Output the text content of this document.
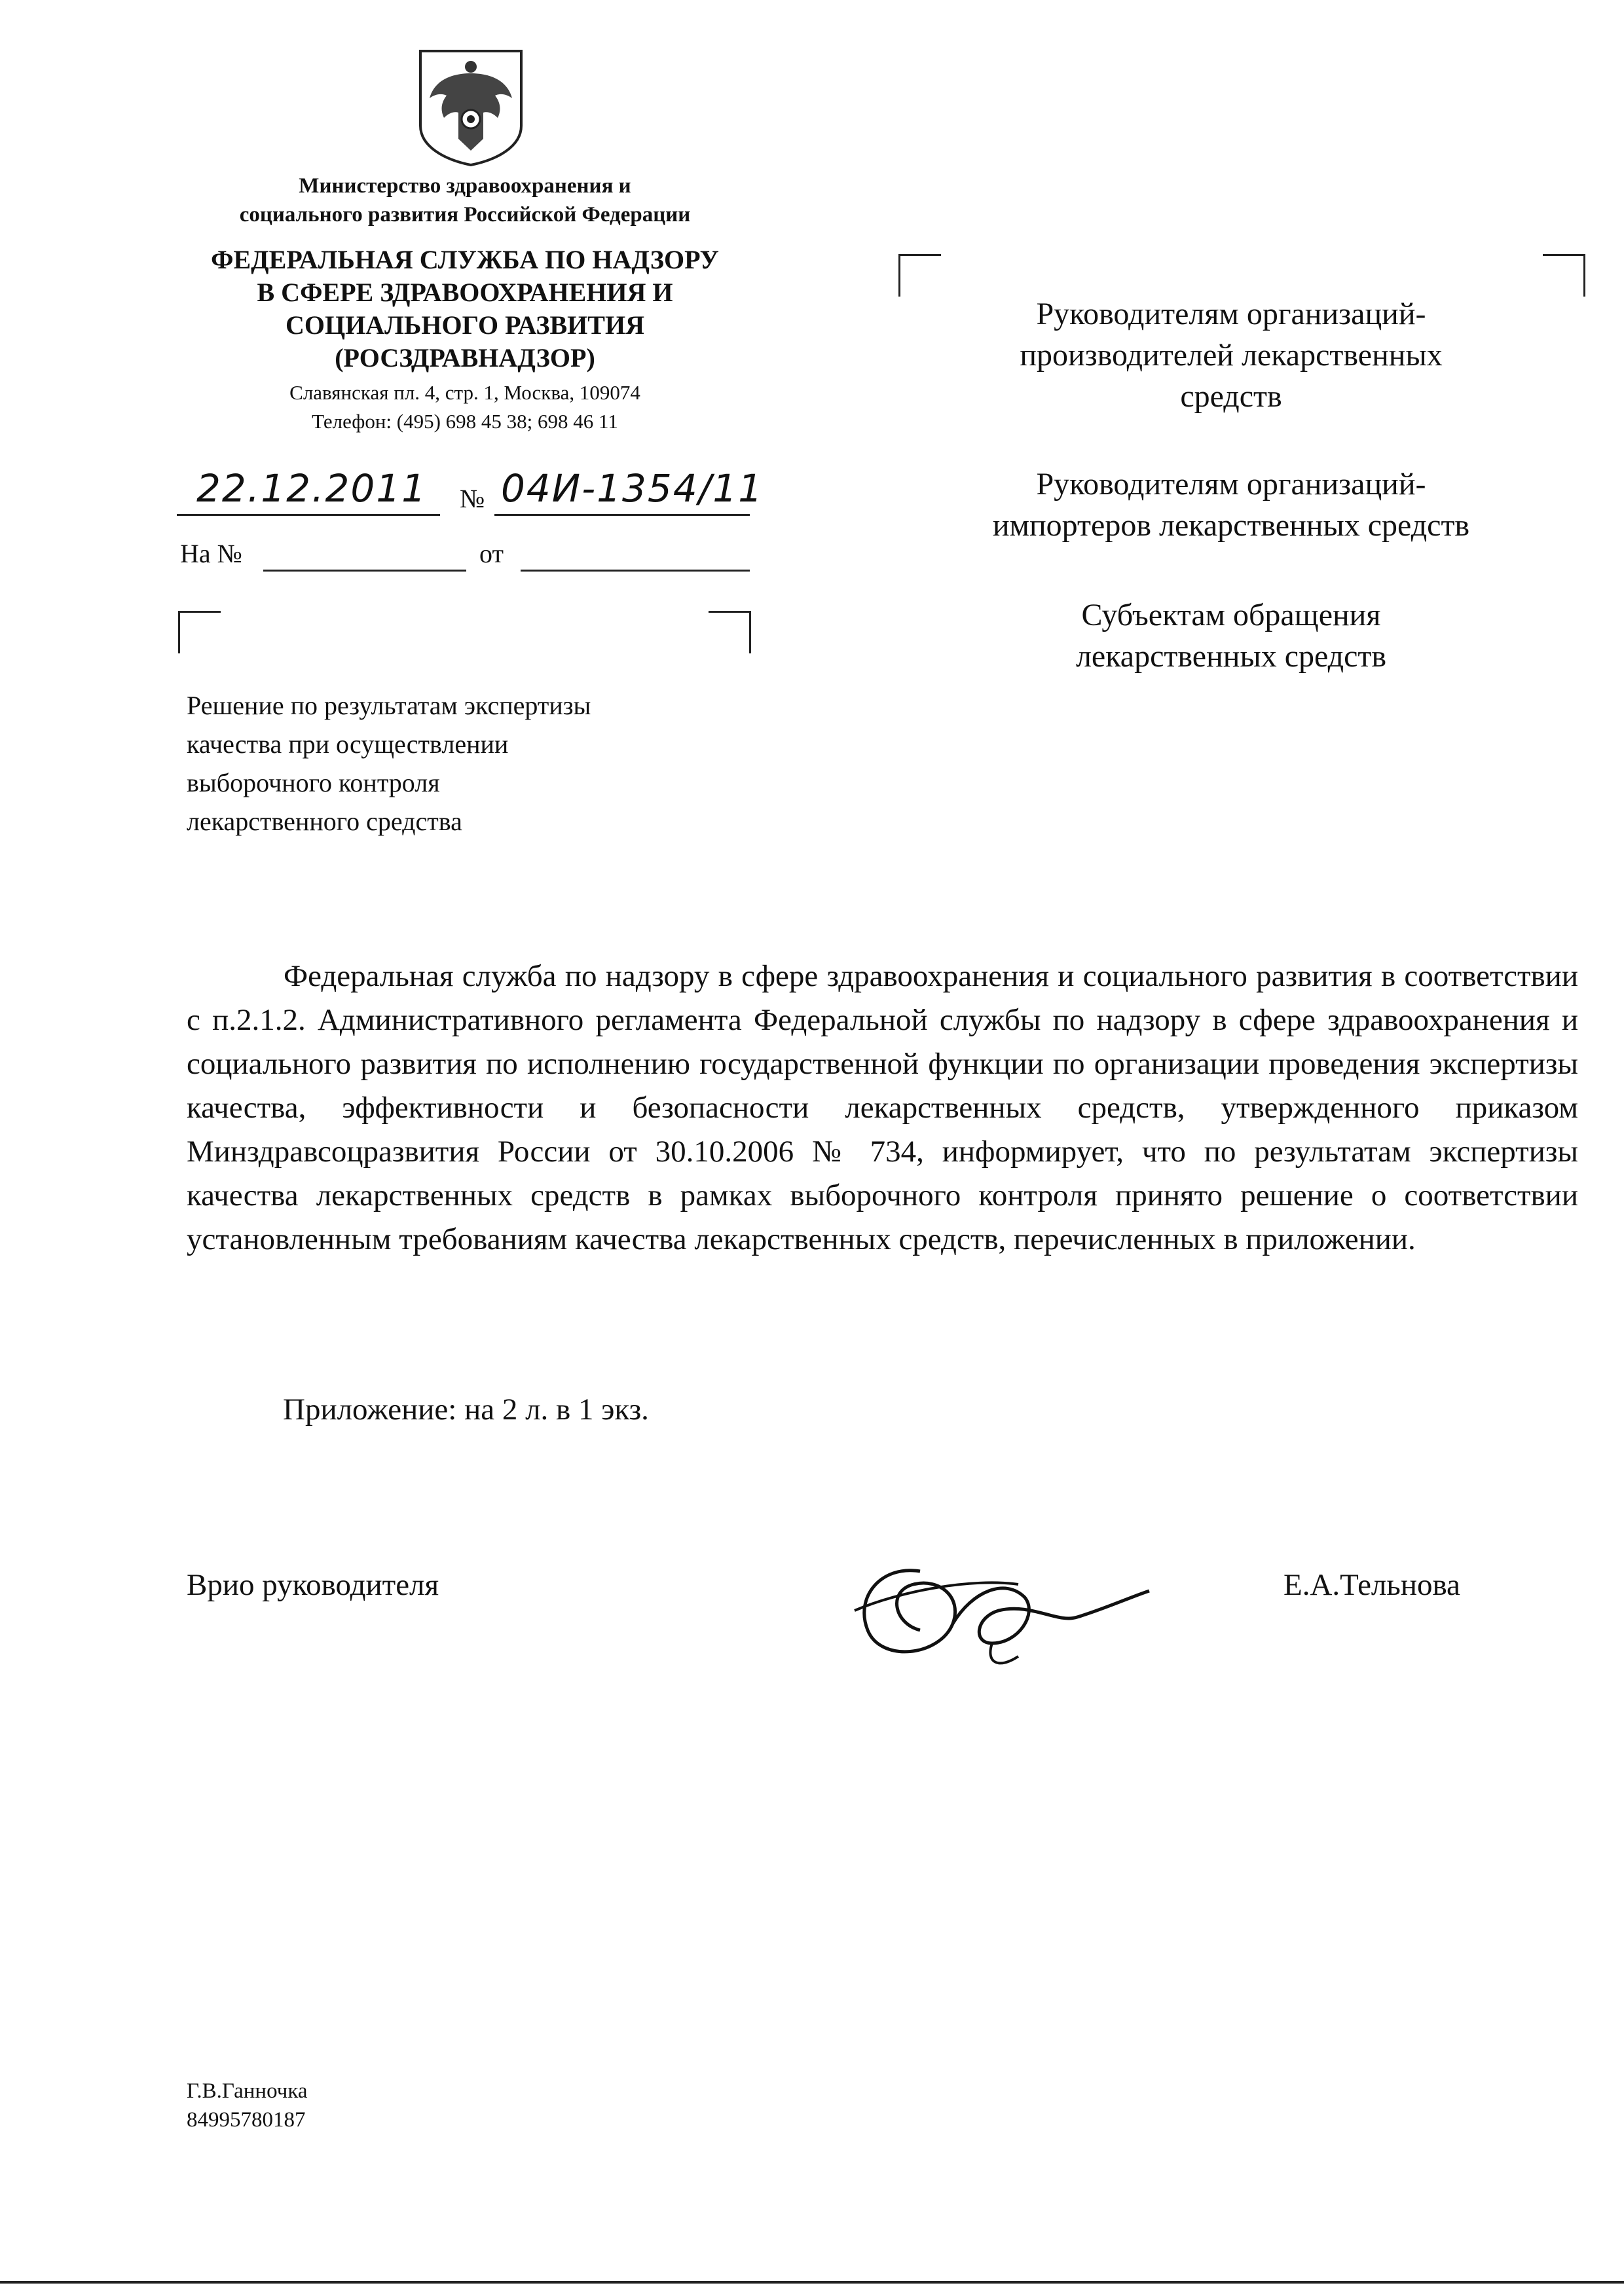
Министерство здравоохранения и
социального развития Российской Федерации
ФЕДЕРАЛЬНАЯ СЛУЖБА ПО НАДЗОРУ
В СФЕРЕ ЗДРАВООХРАНЕНИЯ И
СОЦИАЛЬНОГО РАЗВИТИЯ
(РОСЗДРАВНАДЗОР)
Славянская пл. 4, стр. 1, Москва, 109074
Телефон: (495) 698 45 38; 698 46 11
22.12.2011 № 04И-1354/11
На №	от
Решение по результатам экспертизы
качества при осуществлении
выборочного контроля
лекарственного средства
Руководителям организаций-
производителей лекарственных
средств
Руководителям организаций-
импортеров лекарственных средств
Субъектам обращения
лекарственных средств
Федеральная служба по надзору в сфере здравоохранения и социального развития в соответствии с п.2.1.2. Административного регламента Федеральной службы по надзору в сфере здравоохранения и социального развития по исполнению государственной функции по организации проведения экспертизы качества, эффективности и безопасности лекарственных средств, утвержденного приказом Минздравсоцразвития России от 30.10.2006 № 734, информирует, что по результатам экспертизы качества лекарственных средств в рамках выборочного контроля принято решение о соответствии установленным требованиям качества лекарственных средств, перечисленных в приложении.
Приложение: на 2 л. в 1 экз.
Врио руководителя	Е.А.Тельнова
Г.В.Ганночка
84995780187
